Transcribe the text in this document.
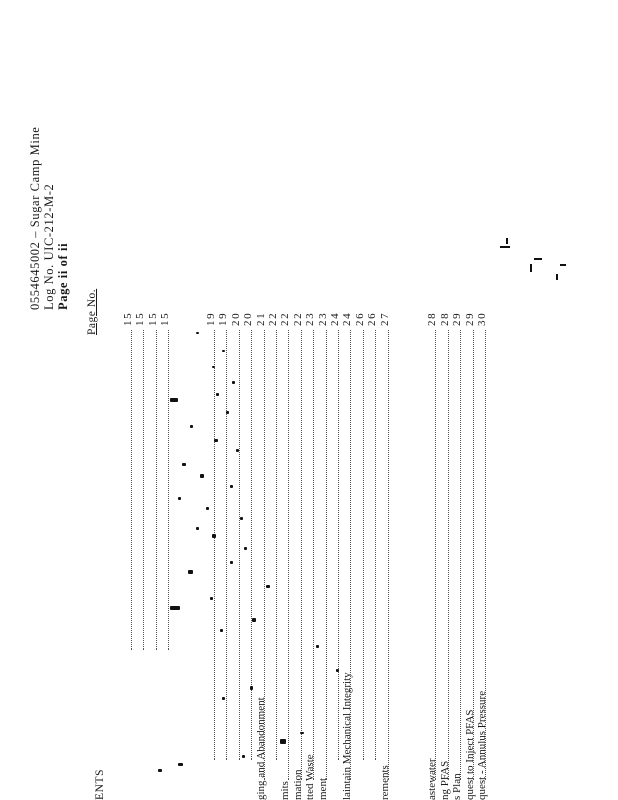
0554645002 – Sugar Camp Mine Log No. UIC-212-M-2 Page ii of ii
Page No.
ENTS
15 15 15 15	19 19 20 20
ging and Abandonment
21 22
mits
22
mation
22
tted Waste
23
ment
23 24
laintain Mechanical Integrity
24 26 26
rements
27
astewater
28
ng PFAS
28
s Plan
29
quest to Inject PFAS
29
quest - Annulus Pressure
30
